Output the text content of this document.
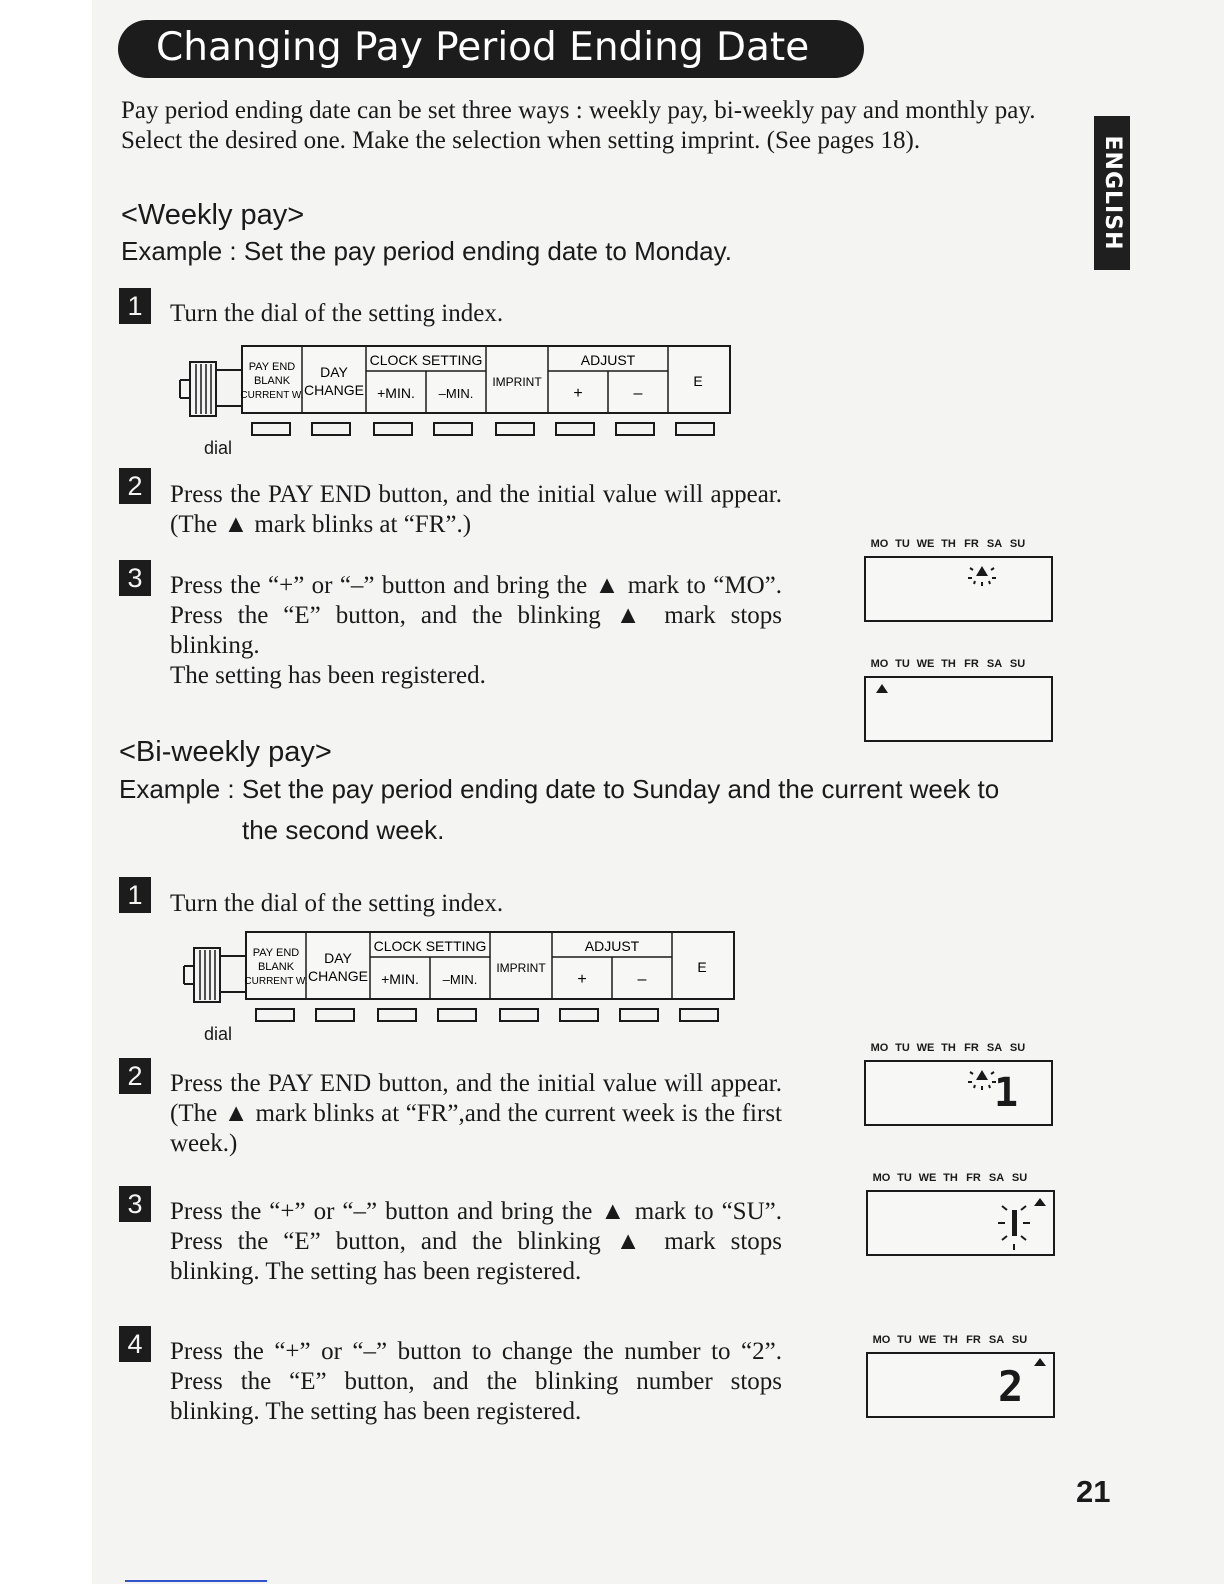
Changing Pay Period Ending Date
ENGLISH
Pay period ending date can be set three ways : weekly pay, bi-weekly pay and monthly pay. Select the desired one. Make the selection when setting imprint. (See pages 18).
<Weekly pay>
Example : Set the pay period ending date to Monday.
1	Turn the dial of the setting index.
PAY END
BLANK
CURRENT W.
DAY
CHANGE
CLOCK SETTING
+MIN. –MIN.
IMPRINT
ADJUST
+	–
E
dial
2	Press the PAY END button, and the initial value will appear. (The ▲ mark blinks at “FR”.)
3	Press the “+” or “–” button and bring the ▲ mark to “MO”. Press the “E” button, and the blinking ▲ mark stops blinking.
The setting has been registered.
MO TU WE TH FR SA SU
MO TU WE TH FR SA SU
<Bi-weekly pay>
Example : Set the pay period ending date to Sunday and the current week to
the second week.
1	Turn the dial of the setting index.
PAY END
BLANK
CURRENT W.
DAY
CHANGE
CLOCK SETTING
+MIN. –MIN.
IMPRINT
ADJUST
+	–
E
dial
2	Press the PAY END button, and the initial value will appear. (The ▲ mark blinks at “FR”,and the current week is the first week.)
3	Press the “+” or “–” button and bring the ▲ mark to “SU”. Press the “E” button, and the blinking ▲ mark stops blinking. The setting has been registered.
4	Press the “+” or “–” button to change the number to “2”. Press the “E” button, and the blinking number stops blinking. The setting has been registered.
MO TU WE TH FR SA SU
1
MO TU WE TH FR SA SU
MO TU WE TH FR SA SU
2
21
